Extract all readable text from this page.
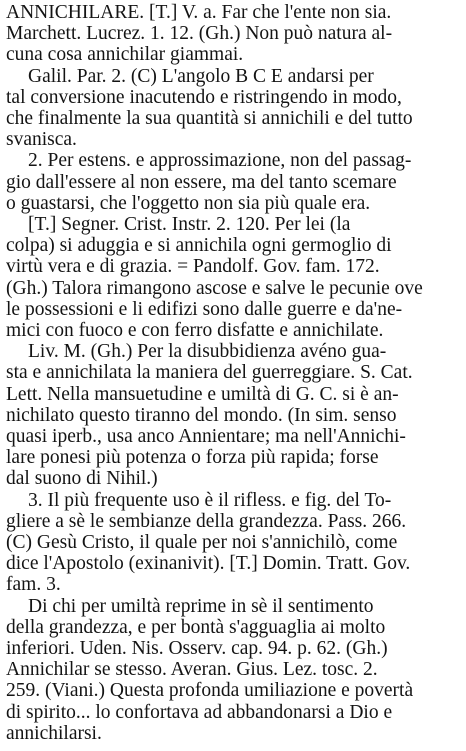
ANNICHILARE. [T.] V. a. Far che l'ente non sia.
Marchett. Lucrez. 1. 12. (Gh.) Non può natura al-
cuna cosa annichilar giammai.
Galil. Par. 2. (C) L'angolo B C E andarsi per
tal conversione inacutendo e ristringendo in modo,
che finalmente la sua quantità si annichili e del tutto
svanisca.
2. Per estens. e approssimazione, non del passag-
gio dall'essere al non essere, ma del tanto scemare
o guastarsi, che l'oggetto non sia più quale era.
[T.] Segner. Crist. Instr. 2. 120. Per lei (la
colpa) si aduggia e si annichila ogni germoglio di
virtù vera e di grazia. = Pandolf. Gov. fam. 172.
(Gh.) Talora rimangono ascose e salve le pecunie ove
le possessioni e li edifizi sono dalle guerre e da'ne-
mici con fuoco e con ferro disfatte e annichilate.
Liv. M. (Gh.) Per la disubbidienza avéno gua-
sta e annichilata la maniera del guerreggiare. S. Cat.
Lett. Nella mansuetudine e umiltà di G. C. si è an-
nichilato questo tiranno del mondo. (In sim. senso
quasi iperb., usa anco Annientare; ma nell'Annichi-
lare ponesi più potenza o forza più rapida; forse
dal suono di Nihil.)
3. Il più frequente uso è il rifless. e fig. del To-
gliere a sè le sembianze della grandezza. Pass. 266.
(C) Gesù Cristo, il quale per noi s'annichilò, come
dice l'Apostolo (exinanivit). [T.] Domin. Tratt. Gov.
fam. 3.
Di chi per umiltà reprime in sè il sentimento
della grandezza, e per bontà s'agguaglia ai molto
inferiori. Uden. Nis. Osserv. cap. 94. p. 62. (Gh.)
Annichilar se stesso. Averan. Gius. Lez. tosc. 2.
259. (Viani.) Questa profonda umiliazione e povertà
di spirito... lo confortava ad abbandonarsi a Dio e
annichilarsi.
